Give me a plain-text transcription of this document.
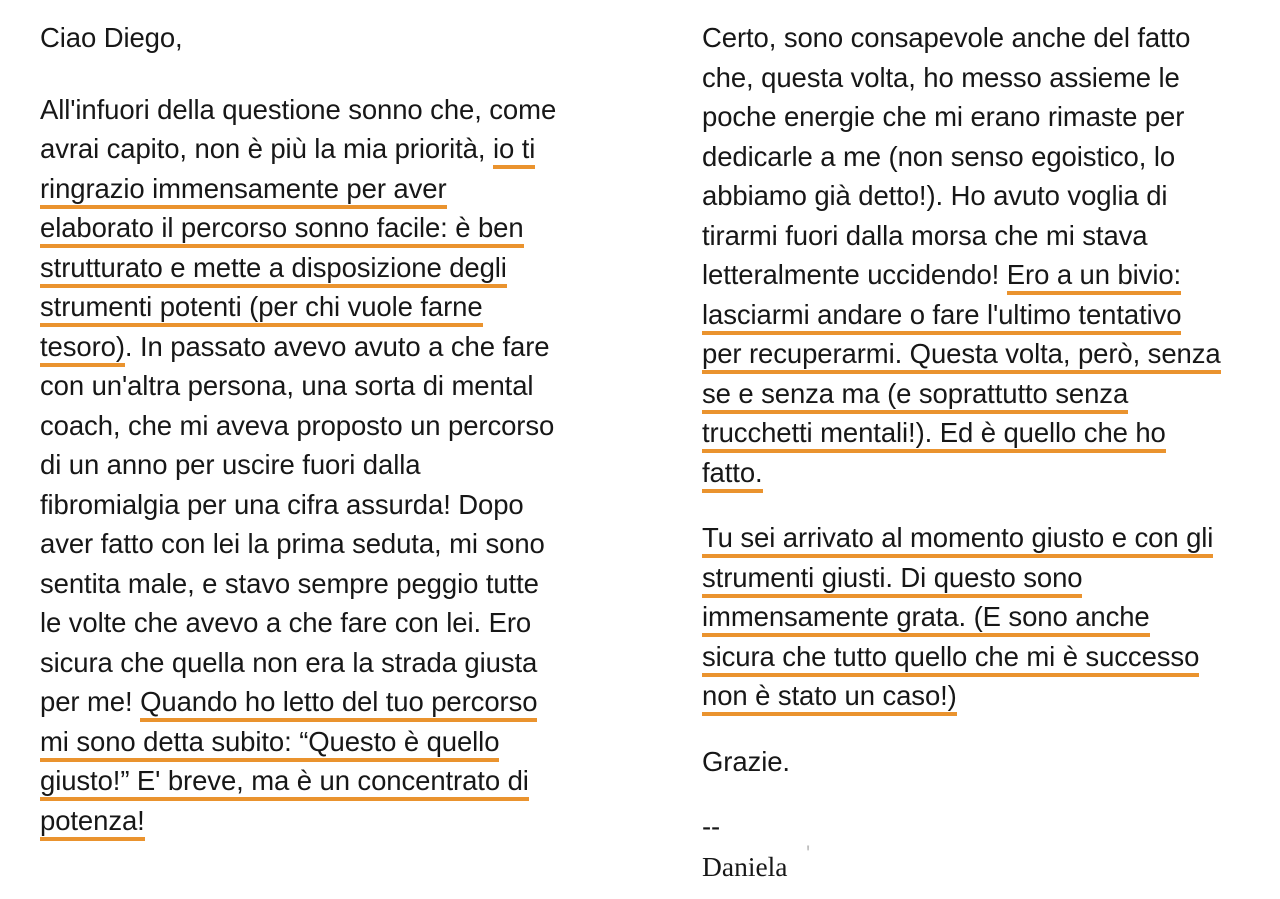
Ciao Diego,
All'infuori della questione sonno che, come
avrai capito, non è più la mia priorità, io ti
ringrazio immensamente per aver
elaborato il percorso sonno facile: è ben
strutturato e mette a disposizione degli
strumenti potenti (per chi vuole farne
tesoro). In passato avevo avuto a che fare
con un'altra persona, una sorta di mental
coach, che mi aveva proposto un percorso
di un anno per uscire fuori dalla
fibromialgia per una cifra assurda! Dopo
aver fatto con lei la prima seduta, mi sono
sentita male, e stavo sempre peggio tutte
le volte che avevo a che fare con lei. Ero
sicura che quella non era la strada giusta
per me! Quando ho letto del tuo percorso
mi sono detta subito: “Questo è quello
giusto!” E' breve, ma è un concentrato di
potenza!
Certo, sono consapevole anche del fatto
che, questa volta, ho messo assieme le
poche energie che mi erano rimaste per
dedicarle a me (non senso egoistico, lo
abbiamo già detto!). Ho avuto voglia di
tirarmi fuori dalla morsa che mi stava
letteralmente uccidendo! Ero a un bivio:
lasciarmi andare o fare l'ultimo tentativo
per recuperarmi. Questa volta, però, senza
se e senza ma (e soprattutto senza
trucchetti mentali!). Ed è quello che ho
fatto.
Tu sei arrivato al momento giusto e con gli
strumenti giusti. Di questo sono
immensamente grata. (E sono anche
sicura che tutto quello che mi è successo
non è stato un caso!)
Grazie.
--
Daniela '
